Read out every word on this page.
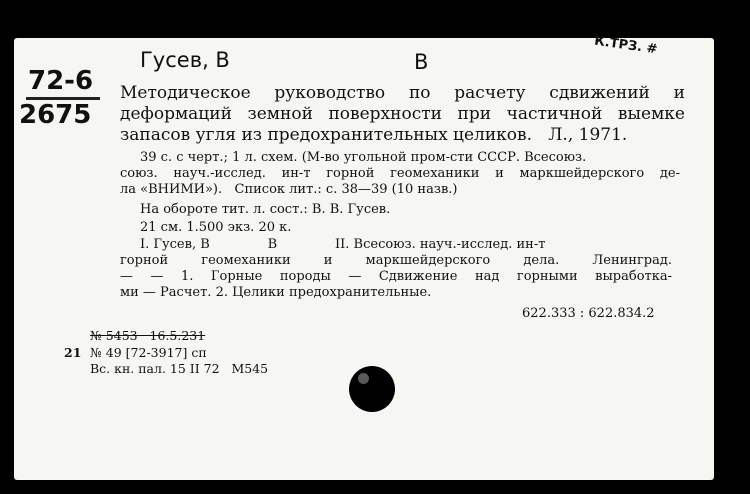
72-6
2675
Гусев, В	В
К.ТРЗ. #
Методическое руководство по расчету сдвижений и
деформаций земной поверхности при частичной выемке
запасов угля из предохранительных целиков.   Л., 1971.
39 с. с черт.; 1 л. схем. (М-во угольной пром-сти СССР. Всесоюз.
союз. науч.-исслед. ин-т горной геомеханики и маркшейдерского де-
ла «ВНИМИ»).   Список лит.: с. 38—39 (10 назв.)
На обороте тит. л. сост.: В. В. Гусев.
21 см. 1.500 экз. 20 к.
I. Гусев, В              В              II. Всесоюз. науч.-исслед. ин-т
горной геомеханики и маркшейдерского дела. Ленинград.
— — 1. Горные породы — Сдвижение над горными выработка-
ми — Расчет. 2. Целики предохранительные.
622.333 : 622.834.2
№ 5453   16.5.231
21 № 49 [72-3917] сп
Вс. кн. пал. 15 II 72   М545
